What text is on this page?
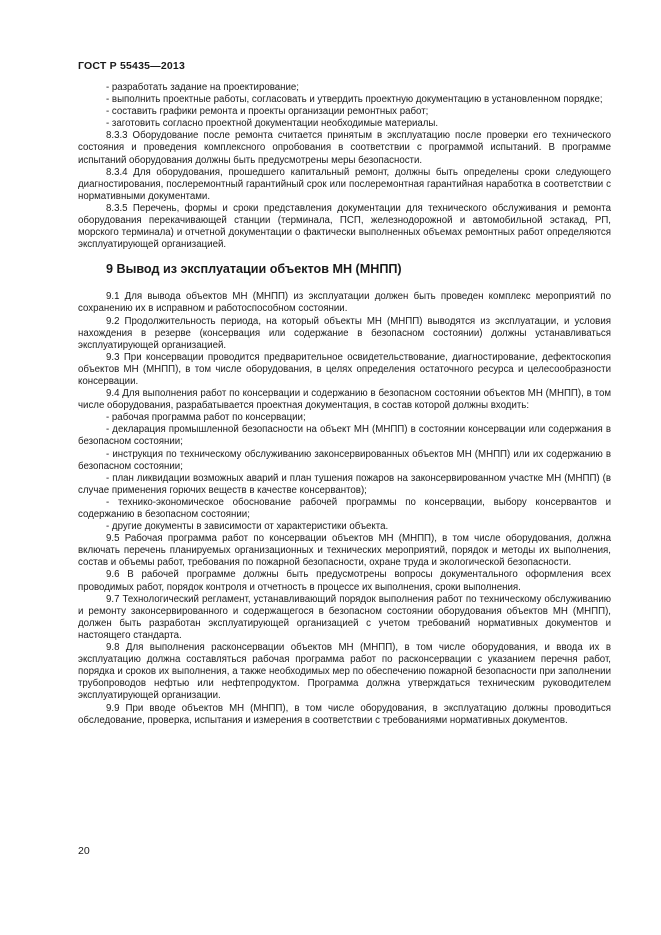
ГОСТ Р 55435—2013

- разработать задание на проектирование;

- выполнить проектные работы, согласовать и утвердить проектную документацию в установленном порядке;

- составить графики ремонта и проекты организации ремонтных работ;

- заготовить согласно проектной документации необходимые материалы.

8.3.3 Оборудование после ремонта считается принятым в эксплуатацию после проверки его технического состояния и проведения комплексного опробования в соответствии с программой испытаний. В программе испытаний оборудования должны быть предусмотрены меры безопасности.

8.3.4 Для оборудования, прошедшего капитальный ремонт, должны быть определены сроки следующего диагностирования, послеремонтный гарантийный срок или послеремонтная гарантийная наработка в соответствии с нормативными документами.

8.3.5 Перечень, формы и сроки представления документации для технического обслуживания и ремонта оборудования перекачивающей станции (терминала, ПСП, железнодорожной и автомобильной эстакад, РП, морского терминала) и отчетной документации о фактически выполненных объемах ремонтных работ определяются эксплуатирующей организацией.

9 Вывод из эксплуатации объектов МН (МНПП)

9.1 Для вывода объектов МН (МНПП) из эксплуатации должен быть проведен комплекс мероприятий по сохранению их в исправном и работоспособном состоянии.

9.2 Продолжительность периода, на который объекты МН (МНПП) выводятся из эксплуатации, и условия нахождения в резерве (консервация или содержание в безопасном состоянии) должны устанавливаться эксплуатирующей организацией.

9.3 При консервации проводится предварительное освидетельствование, диагностирование, дефектоскопия объектов МН (МНПП), в том числе оборудования, в целях определения остаточного ресурса и целесообразности консервации.

9.4 Для выполнения работ по консервации и содержанию в безопасном состоянии объектов МН (МНПП), в том числе оборудования, разрабатывается проектная документация, в состав которой должны входить:

- рабочая программа работ по консервации;

- декларация промышленной безопасности на объект МН (МНПП) в состоянии консервации или содержания в безопасном состоянии;

- инструкция по техническому обслуживанию законсервированных объектов МН (МНПП) или их содержанию в безопасном состоянии;

- план ликвидации возможных аварий и план тушения пожаров на законсервированном участке МН (МНПП) (в случае применения горючих веществ в качестве консервантов);

- технико-экономическое обоснование рабочей программы по консервации, выбору консервантов и содержанию в безопасном состоянии;

- другие документы в зависимости от характеристики объекта.

9.5 Рабочая программа работ по консервации объектов МН (МНПП), в том числе оборудования, должна включать перечень планируемых организационных и технических мероприятий, порядок и методы их выполнения, состав и объемы работ, требования по пожарной безопасности, охране труда и экологической безопасности.

9.6 В рабочей программе должны быть предусмотрены вопросы документального оформления всех проводимых работ, порядок контроля и отчетность в процессе их выполнения, сроки выполнения.

9.7 Технологический регламент, устанавливающий порядок выполнения работ по техническому обслуживанию и ремонту законсервированного и содержащегося в безопасном состоянии оборудования объектов МН (МНПП), должен быть разработан эксплуатирующей организацией с учетом требований нормативных документов и настоящего стандарта.

9.8 Для выполнения расконсервации объектов МН (МНПП), в том числе оборудования, и ввода их в эксплуатацию должна составляться рабочая программа работ по расконсервации с указанием перечня работ, порядка и сроков их выполнения, а также необходимых мер по обеспечению пожарной безопасности при заполнении трубопроводов нефтью или нефтепродуктом. Программа должна утверждаться техническим руководителем эксплуатирующей организации.

9.9 При вводе объектов МН (МНПП), в том числе оборудования, в эксплуатацию должны проводиться обследование, проверка, испытания и измерения в соответствии с требованиями нормативных документов.

20
